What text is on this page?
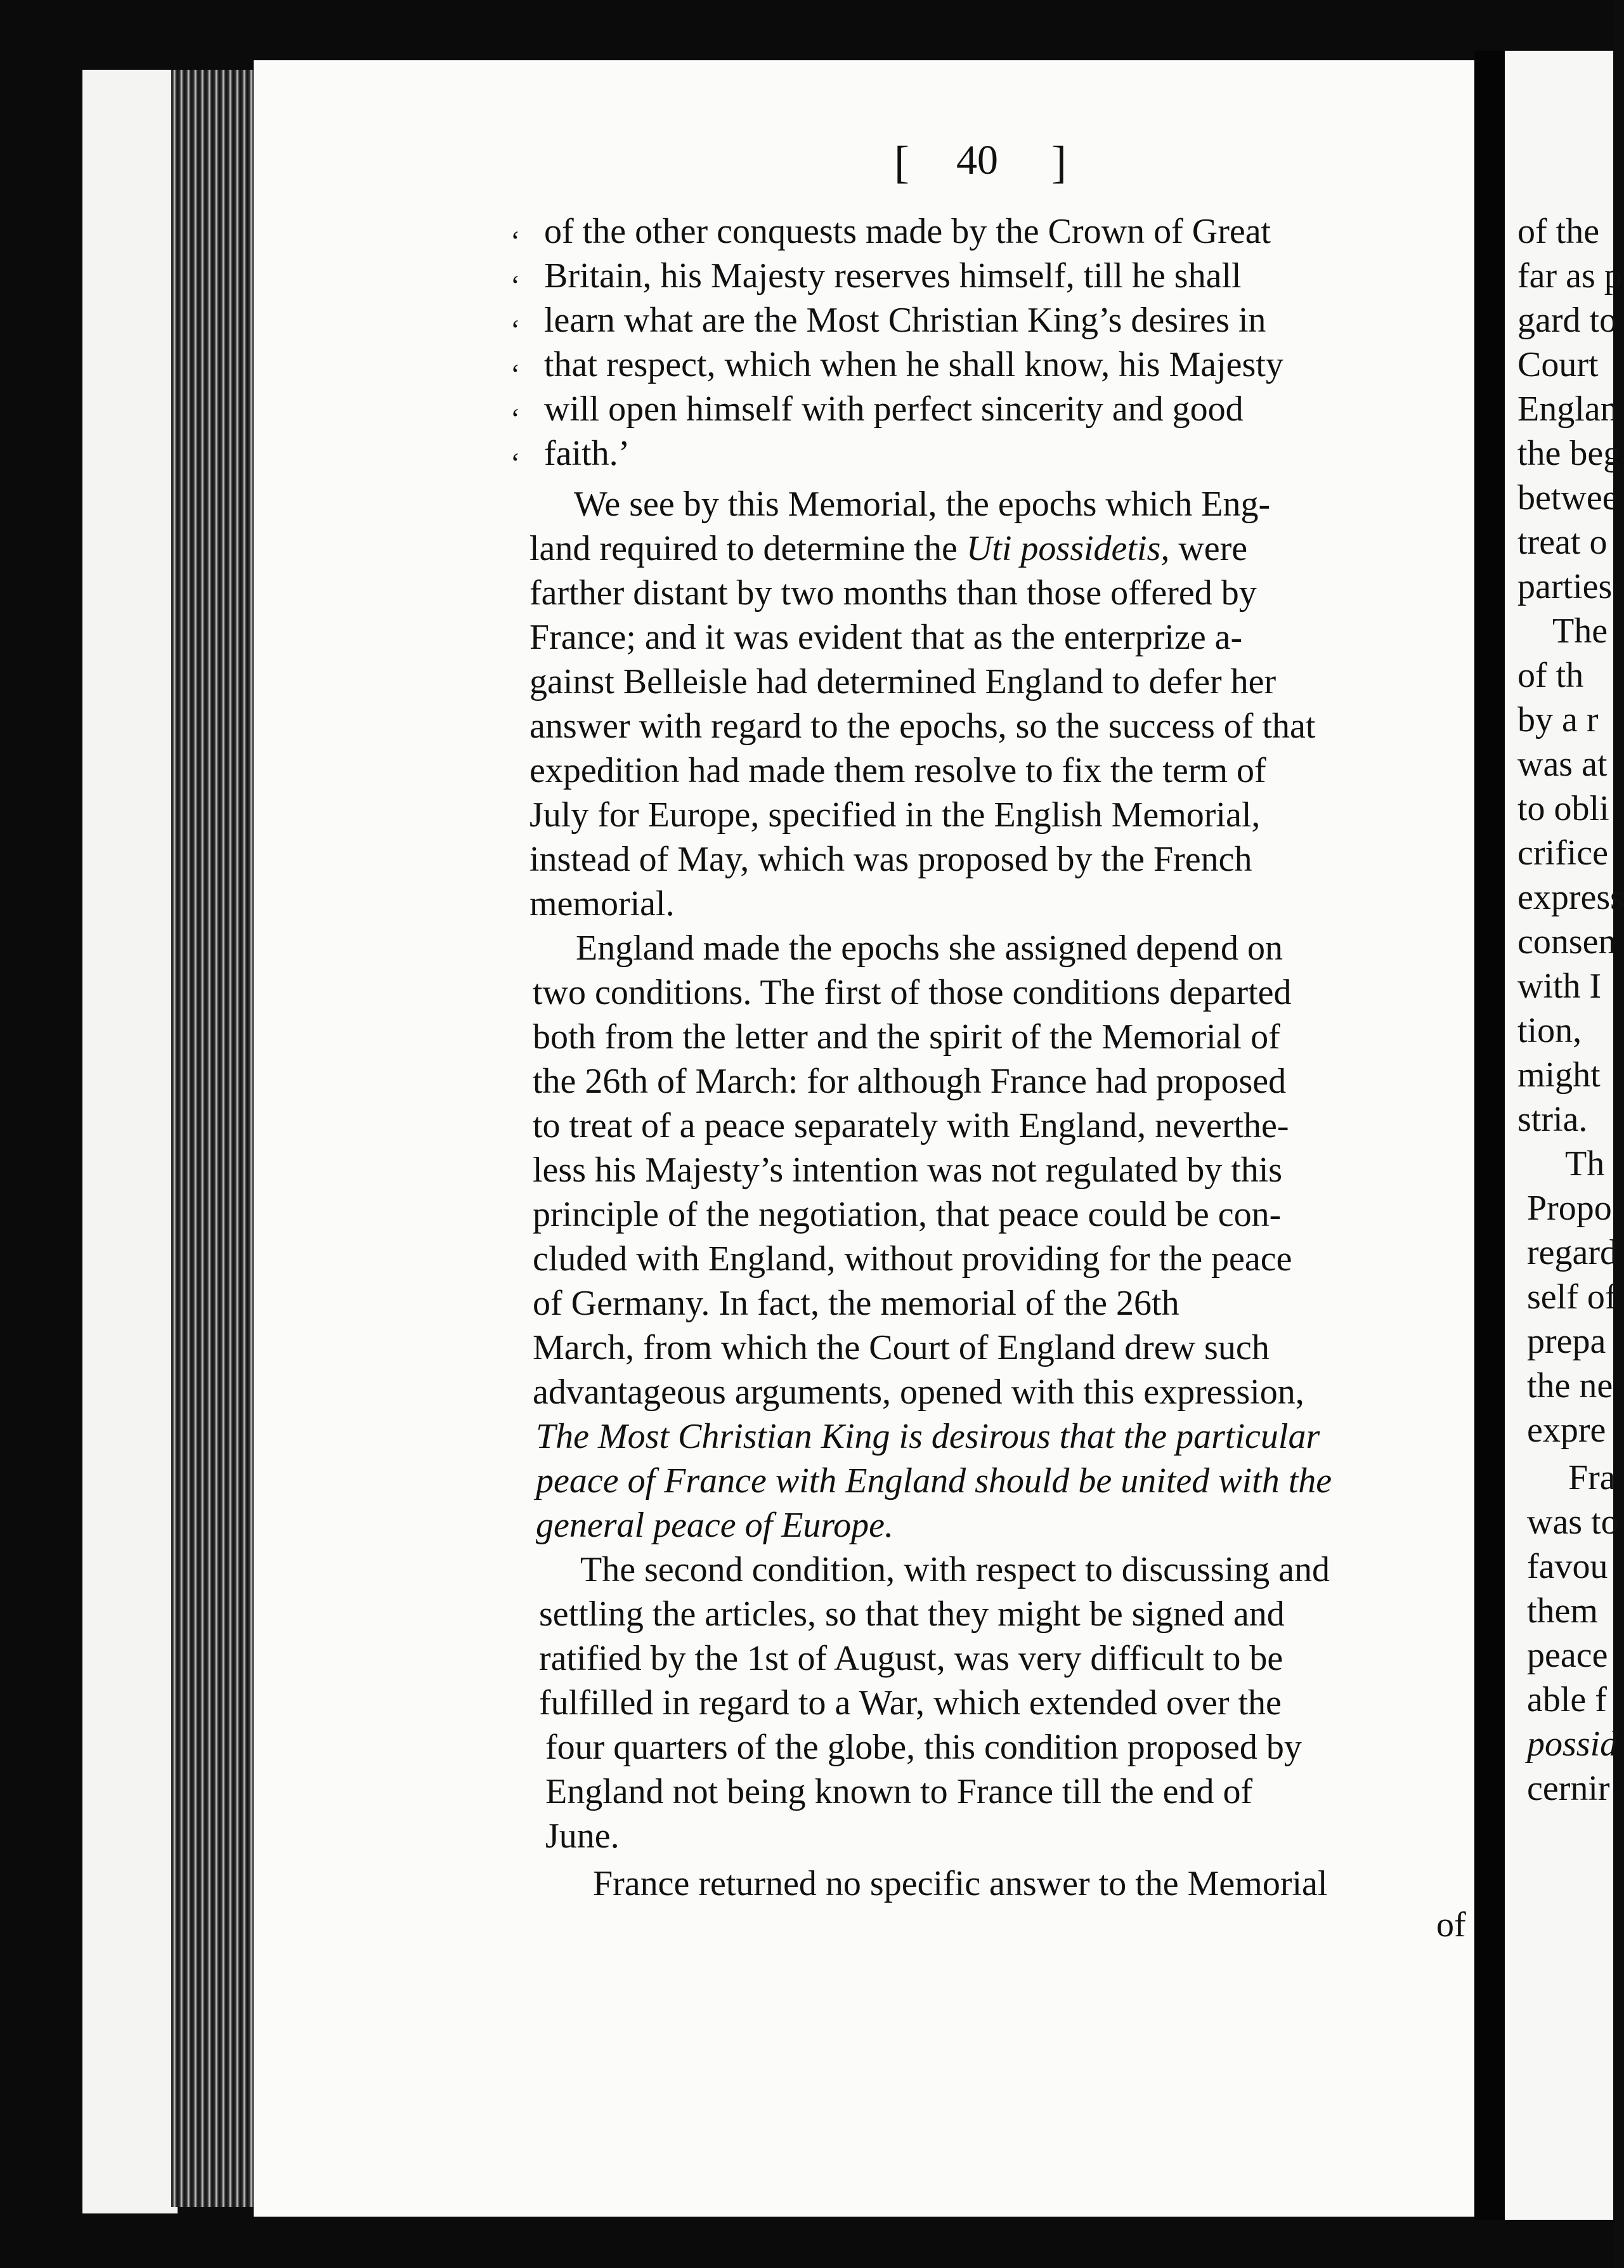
[ 40 ]
‘
‘
‘
‘
‘
‘
of the other conquests made by the Crown of Great
Britain, his Majesty reserves himself, till he shall
learn what are the Most Christian King’s desires in
that respect, which when he shall know, his Majesty
will open himself with perfect sincerity and good
faith.’
We see by this Memorial, the epochs which Eng-
land required to determine the Uti possidetis, were
farther distant by two months than those offered by
France; and it was evident that as the enterprize a-
gainst Belleisle had determined England to defer her
answer with regard to the epochs, so the success of that
expedition had made them resolve to fix the term of
July for Europe, specified in the English Memorial,
instead of May, which was proposed by the French
memorial.
England made the epochs she assigned depend on
two conditions. The first of those conditions departed
both from the letter and the spirit of the Memorial of
the 26th of March: for although France had proposed
to treat of a peace separately with England, neverthe-
less his Majesty’s intention was not regulated by this
principle of the negotiation, that peace could be con-
cluded with England, without providing for the peace
of Germany. In fact, the memorial of the 26th
March, from which the Court of England drew such
advantageous arguments, opened with this expression,
The Most Christian King is desirous that the particular
peace of France with England should be united with the
general peace of Europe.
The second condition, with respect to discussing and
settling the articles, so that they might be signed and
ratified by the 1st of August, was very difficult to be
fulfilled in regard to a War, which extended over the
four quarters of the globe, this condition proposed by
England not being known to France till the end of
June.
France returned no specific answer to the Memorial
of
of the
far as p
gard to
Court
Englan
the beg
betwee
treat o
parties
The
of th
by a r
was at
to obli
crifice
express
consen
with I
tion,
might
stria.
Th
Propo
regard
self of
prepa
the ne
expre
Fra
was to
favou
them
peace
able f
possid
cernir
